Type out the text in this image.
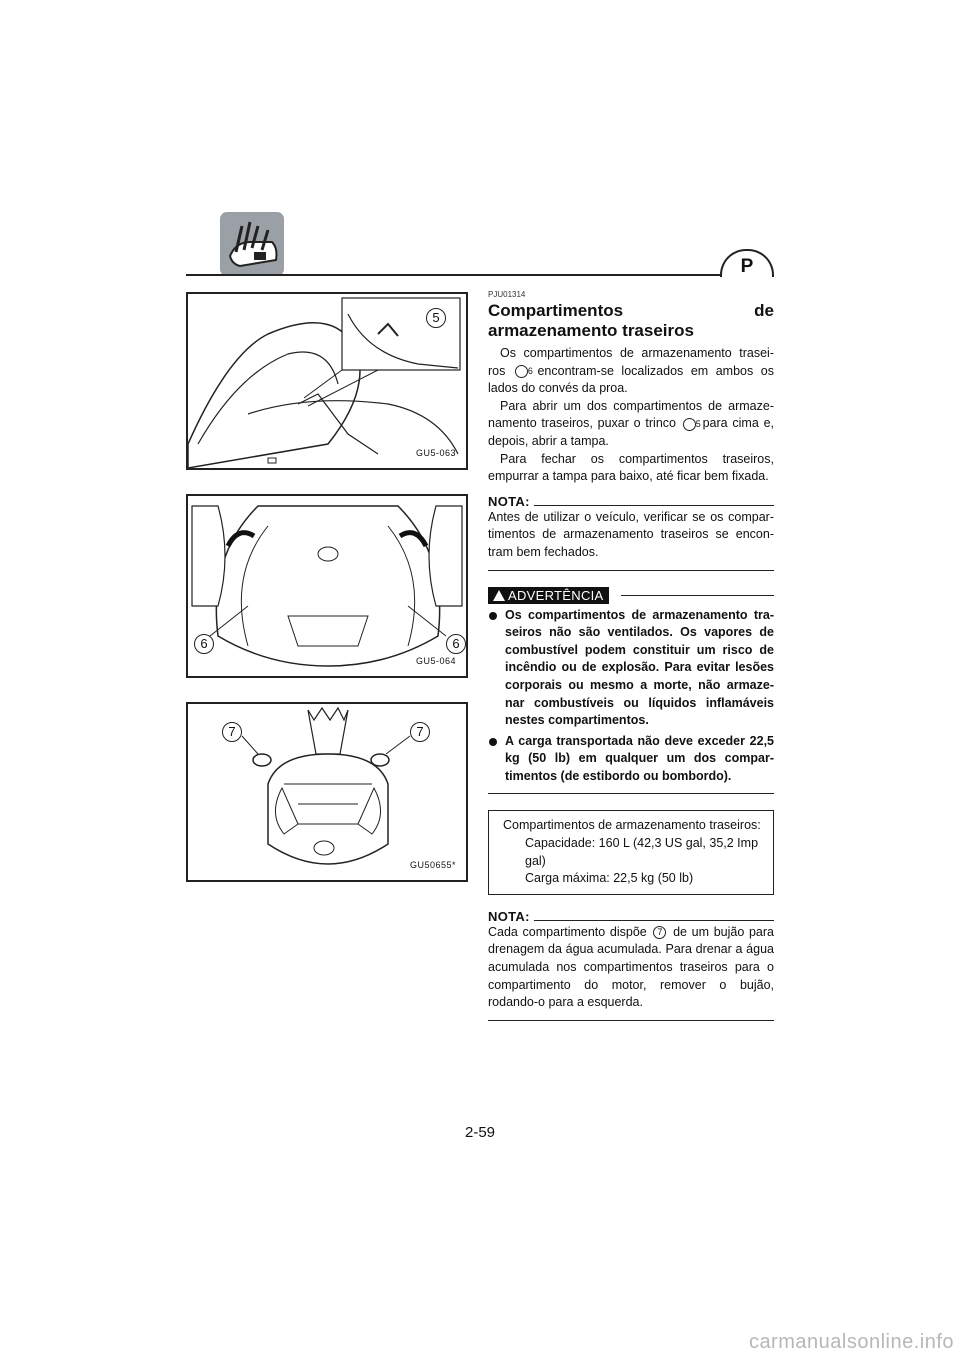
P
5
GU5-063
6	6
GU5-064
7	7
GU50655*
PJU01314
Compartimentos de armazenamento traseiros

Os compartimentos de armazenamento trasei-ros	6 encontram-se localizados em ambos os lados do convés da proa.

Para abrir um dos compartimentos de armaze-namento traseiros, puxar o trinco 5 para cima e, depois, abrir a tampa.

Para fechar os compartimentos traseiros, empurrar a tampa para baixo, até ficar bem fixada.

NOTA:

Antes de utilizar o veículo, verificar se os compar-timentos de armazenamento traseiros se encon-tram bem fechados.

ADVERTÊNCIA

Os compartimentos de armazenamento tra-seiros não são ventilados. Os vapores de combustível podem constituir um risco de incêndio ou de explosão. Para evitar lesões corporais ou mesmo a morte, não armaze-nar combustíveis ou líquidos inflamáveis nestes compartimentos.

A carga transportada não deve exceder 22,5 kg (50 lb) em qualquer um dos compar-timentos (de estibordo ou bombordo).

Compartimentos de armazenamento traseiros:
Capacidade: 160 L (42,3 US gal, 35,2 Imp gal)
Carga máxima: 22,5 kg (50 lb)
NOTA:

Cada compartimento dispõe 7 de um bujão para drenagem da água acumulada. Para drenar a água acumulada nos compartimentos traseiros para o compartimento do motor, remover o bujão, rodando-o para a esquerda.

2-59
carmanualsonline.info
